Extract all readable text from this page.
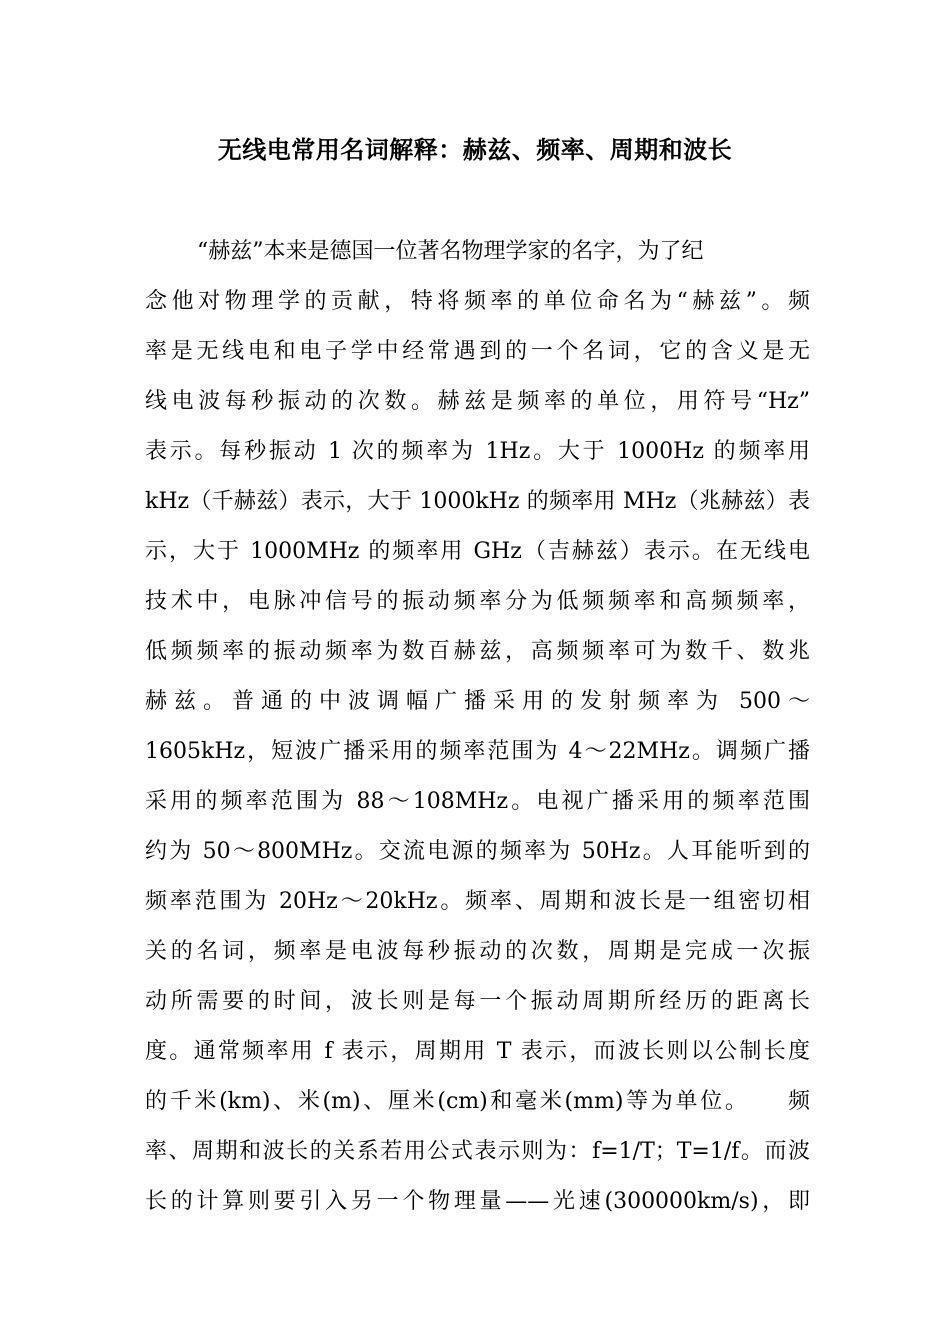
无线电常用名词解释：赫兹、频率、周期和波长
“赫兹”本来是德国一位著名物理学家的名字，为了纪
念他对物理学的贡献，特将频率的单位命名为“赫兹”。频
率是无线电和电子学中经常遇到的一个名词，它的含义是无
线电波每秒振动的次数。赫兹是频率的单位，用符号“Hz”
表示。每秒振动 1 次的频率为 1Hz。大于 1000Hz 的频率用
kHz（千赫兹）表示，大于 1000kHz 的频率用 MHz（兆赫兹）表
示，大于 1000MHz 的频率用 GHz（吉赫兹）表示。在无线电
技术中，电脉冲信号的振动频率分为低频频率和高频频率，
低频频率的振动频率为数百赫兹，高频频率可为数千、数兆
赫兹。普通的中波调幅广播采用的发射频率为 500～
1605kHz，短波广播采用的频率范围为 4～22MHz。调频广播
采用的频率范围为 88～108MHz。电视广播采用的频率范围
约为 50～800MHz。交流电源的频率为 50Hz。人耳能听到的
频率范围为 20Hz～20kHz。频率、周期和波长是一组密切相
关的名词，频率是电波每秒振动的次数，周期是完成一次振
动所需要的时间，波长则是每一个振动周期所经历的距离长
度。通常频率用 f 表示，周期用 T 表示，而波长则以公制长度
的千米(km)、米(m)、厘米(cm)和毫米(mm)等为单位。　　频
率、周期和波长的关系若用公式表示则为：f=1/T；T=1/f。而波
长的计算则要引入另一个物理量——光速(300000km/s)，即
